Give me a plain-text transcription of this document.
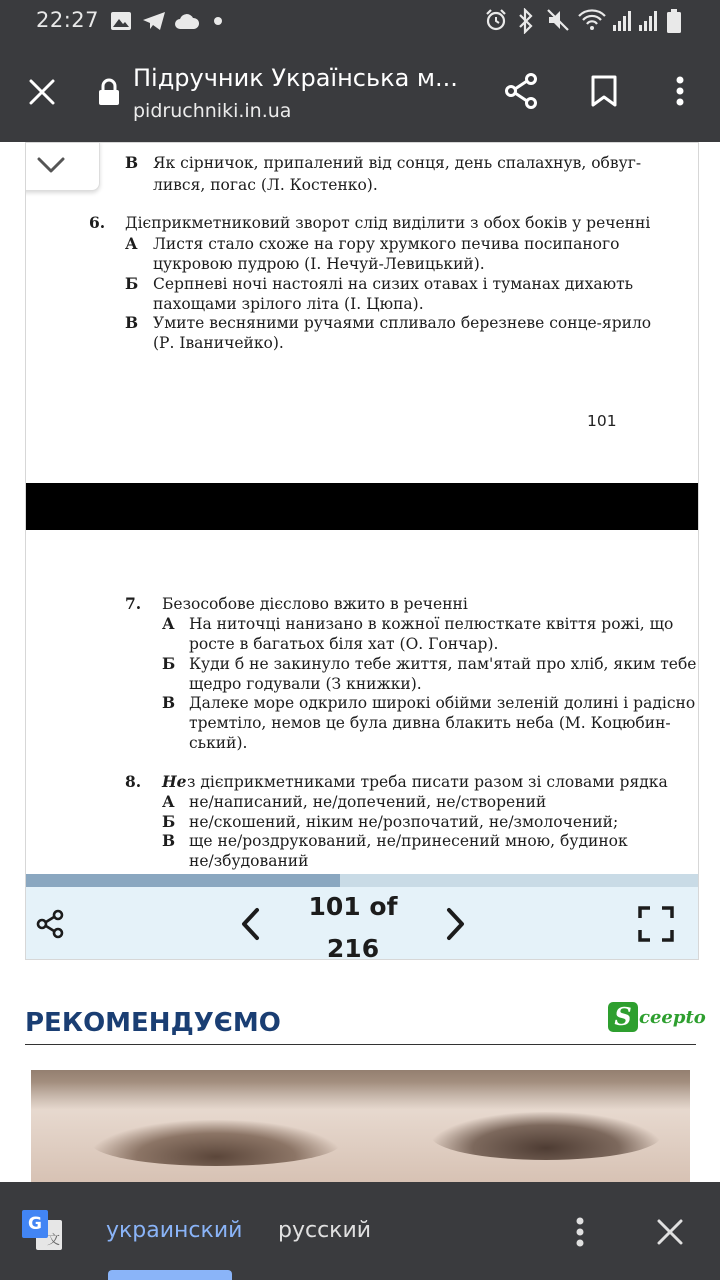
22:27
Підручник Українська м...
pidruchniki.in.ua
В Як сірничок, припалений від сонця, день спалахнув, обвуг-
лився, погас (Л. Костенко).
6. Дієприкметниковий зворот слід виділити з обох боків у реченні
А Листя стало схоже на гору хрумкого печива посипаного
цукровою пудрою (І. Нечуй-Левицький).
Б Серпневі ночі настоялі на сизих отавах і туманах дихають
пахощами зрілого літа (І. Цюпа).
В Умите весняними ручаями спливало березневе сонце-ярило
(Р. Іваничейко).
101
7. Безособове дієслово вжито в реченні
А На ниточці нанизано в кожної пелюсткате квіття рожі, що
росте в багатьох біля хат (О. Гончар).
Б Куди б не закинуло тебе життя, пам'ятай про хліб, яким тебе
щедро годували (З книжки).
В Далеке море одкрило широкі обійми зеленій долині і радісно
тремтіло, немов це була дивна блакить неба (М. Коцюбин-
ський).
8. Не з дієприкметниками треба писати разом зі словами рядка
А не/написаний, не/допечений, не/створений
Б не/скошений, ніким не/розпочатий, не/змолочений;
В ще не/роздрукований, не/принесений мною, будинок
не/збудований
101 of
216
РЕКОМЕНДУЄМО	S ceepto
G
文 украинский русский
